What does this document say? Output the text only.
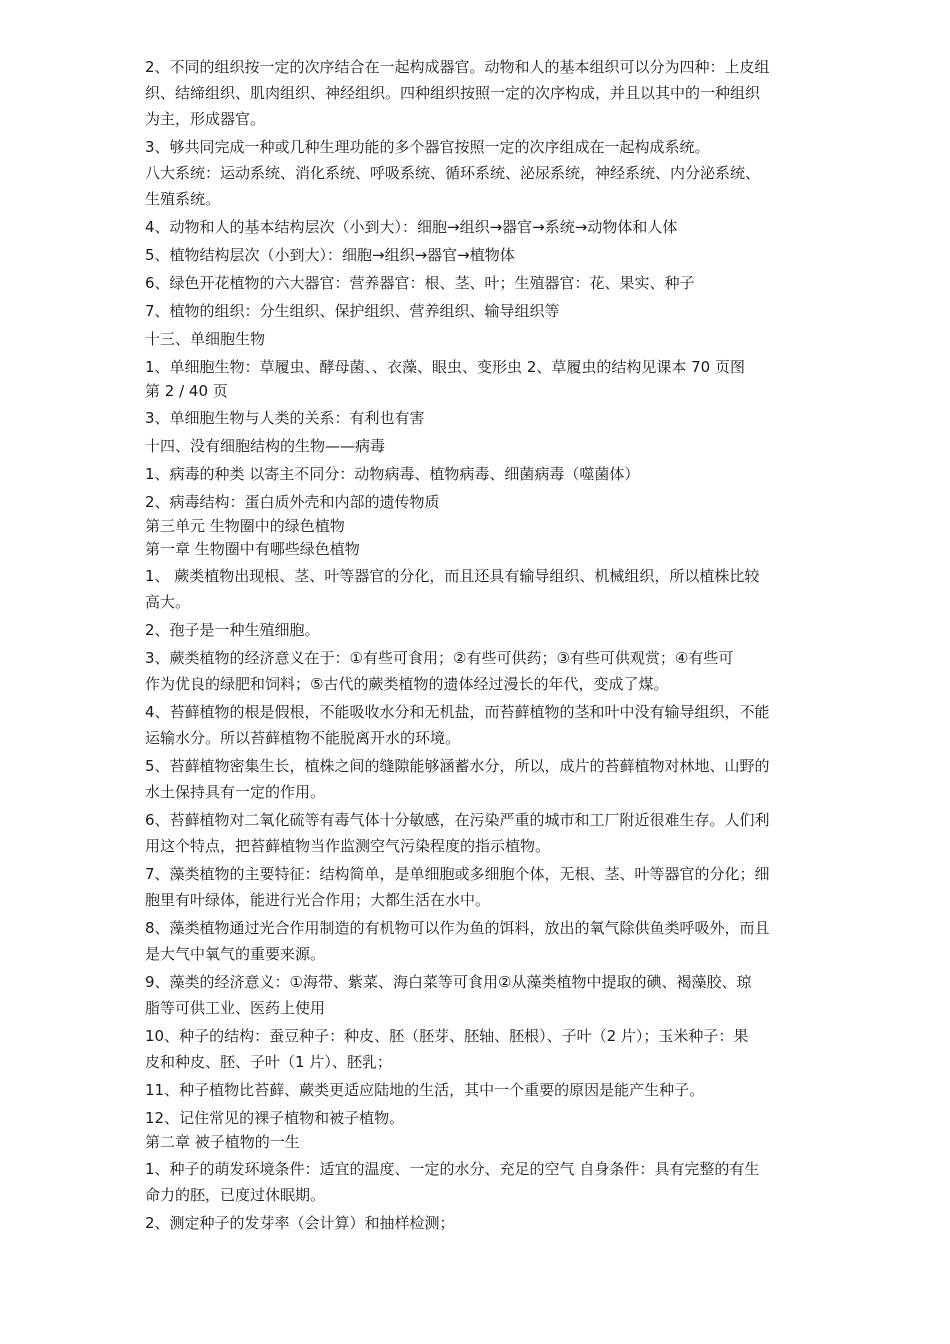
2、不同的组织按一定的次序结合在一起构成器官。动物和人的基本组织可以分为四种：上皮组
织、结缔组织、肌肉组织、神经组织。四种组织按照一定的次序构成，并且以其中的一种组织
为主，形成器官。
3、够共同完成一种或几种生理功能的多个器官按照一定的次序组成在一起构成系统。
八大系统：运动系统、消化系统、呼吸系统、循环系统、泌尿系统，神经系统、内分泌系统、
生殖系统。
4、动物和人的基本结构层次（小到大）：细胞→组织→器官→系统→动物体和人体
5、植物结构层次（小到大）：细胞→组织→器官→植物体
6、绿色开花植物的六大器官：营养器官：根、茎、叶；生殖器官：花、果实、种子
7、植物的组织：分生组织、保护组织、营养组织、输导组织等
十三、单细胞生物
1、单细胞生物：草履虫、酵母菌、、衣藻、眼虫、变形虫 2、草履虫的结构见课本 70 页图
第 2 / 40 页
3、单细胞生物与人类的关系：有利也有害
十四、没有细胞结构的生物——病毒
1、病毒的种类 以寄主不同分：动物病毒、植物病毒、细菌病毒（噬菌体）
2、病毒结构：蛋白质外壳和内部的遗传物质
第三单元 生物圈中的绿色植物
第一章 生物圈中有哪些绿色植物
1、 蕨类植物出现根、茎、叶等器官的分化，而且还具有输导组织、机械组织，所以植株比较
高大。
2、孢子是一种生殖细胞。
3、蕨类植物的经济意义在于：①有些可食用；②有些可供药；③有些可供观赏；④有些可
作为优良的绿肥和饲料；⑤古代的蕨类植物的遗体经过漫长的年代，变成了煤。
4、苔藓植物的根是假根，不能吸收水分和无机盐，而苔藓植物的茎和叶中没有输导组织，不能
运输水分。所以苔藓植物不能脱离开水的环境。
5、苔藓植物密集生长，植株之间的缝隙能够涵蓄水分，所以，成片的苔藓植物对林地、山野的
水土保持具有一定的作用。
6、苔藓植物对二氧化硫等有毒气体十分敏感，在污染严重的城市和工厂附近很难生存。人们利
用这个特点，把苔藓植物当作监测空气污染程度的指示植物。
7、藻类植物的主要特征：结构简单，是单细胞或多细胞个体，无根、茎、叶等器官的分化；细
胞里有叶绿体，能进行光合作用；大都生活在水中。
8、藻类植物通过光合作用制造的有机物可以作为鱼的饵料，放出的氧气除供鱼类呼吸外，而且
是大气中氧气的重要来源。
9、藻类的经济意义：①海带、紫菜、海白菜等可食用②从藻类植物中提取的碘、褐藻胶、琼
脂等可供工业、医药上使用
10、种子的结构：蚕豆种子：种皮、胚（胚芽、胚轴、胚根）、子叶（2 片）；玉米种子：果
皮和种皮、胚、子叶（1 片）、胚乳；
11、种子植物比苔藓、蕨类更适应陆地的生活，其中一个重要的原因是能产生种子。
12、记住常见的裸子植物和被子植物。
第二章 被子植物的一生
1、种子的萌发环境条件：适宜的温度、一定的水分、充足的空气 自身条件：具有完整的有生
命力的胚，已度过休眠期。
2、测定种子的发芽率（会计算）和抽样检测；
